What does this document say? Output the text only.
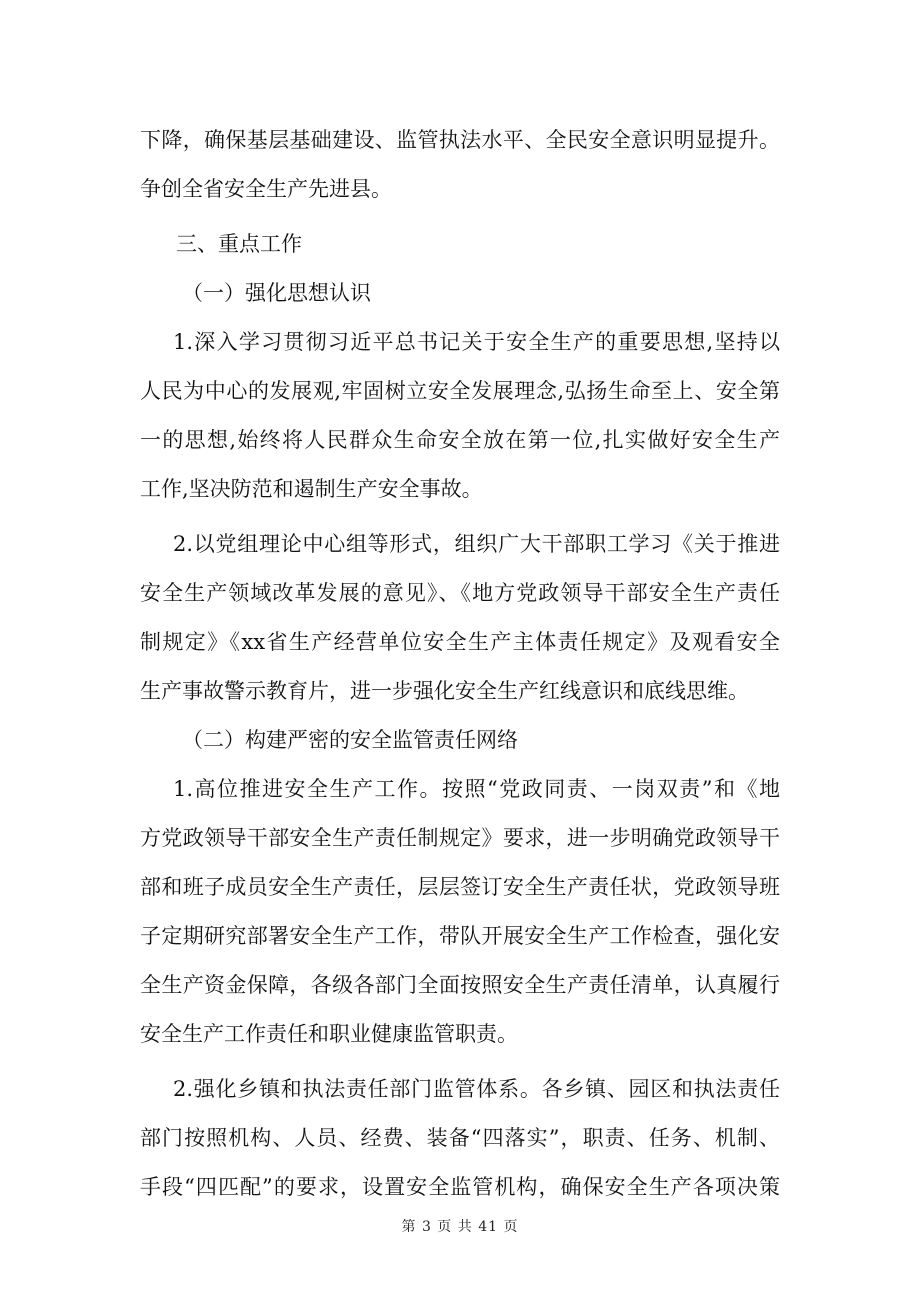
下降，确保基层基础建设、监管执法水平、全民安全意识明显提升。
争创全省安全生产先进县。
三、重点工作
（一）强化思想认识
1.深入学习贯彻习近平总书记关于安全生产的重要思想,坚持以
人民为中心的发展观,牢固树立安全发展理念,弘扬生命至上、安全第
一的思想,始终将人民群众生命安全放在第一位,扎实做好安全生产
工作,坚决防范和遏制生产安全事故。
2.以党组理论中心组等形式，组织广大干部职工学习《关于推进
安全生产领域改革发展的意见》、《地方党政领导干部安全生产责任
制规定》《xx省生产经营单位安全生产主体责任规定》及观看安全
生产事故警示教育片，进一步强化安全生产红线意识和底线思维。
（二）构建严密的安全监管责任网络
1.高位推进安全生产工作。按照“党政同责、一岗双责”和《地
方党政领导干部安全生产责任制规定》要求，进一步明确党政领导干
部和班子成员安全生产责任，层层签订安全生产责任状，党政领导班
子定期研究部署安全生产工作，带队开展安全生产工作检查，强化安
全生产资金保障，各级各部门全面按照安全生产责任清单，认真履行
安全生产工作责任和职业健康监管职责。
2.强化乡镇和执法责任部门监管体系。各乡镇、园区和执法责任
部门按照机构、人员、经费、装备“四落实”，职责、任务、机制、
手段“四匹配”的要求，设置安全监管机构，确保安全生产各项决策
第 3 页 共 41 页
